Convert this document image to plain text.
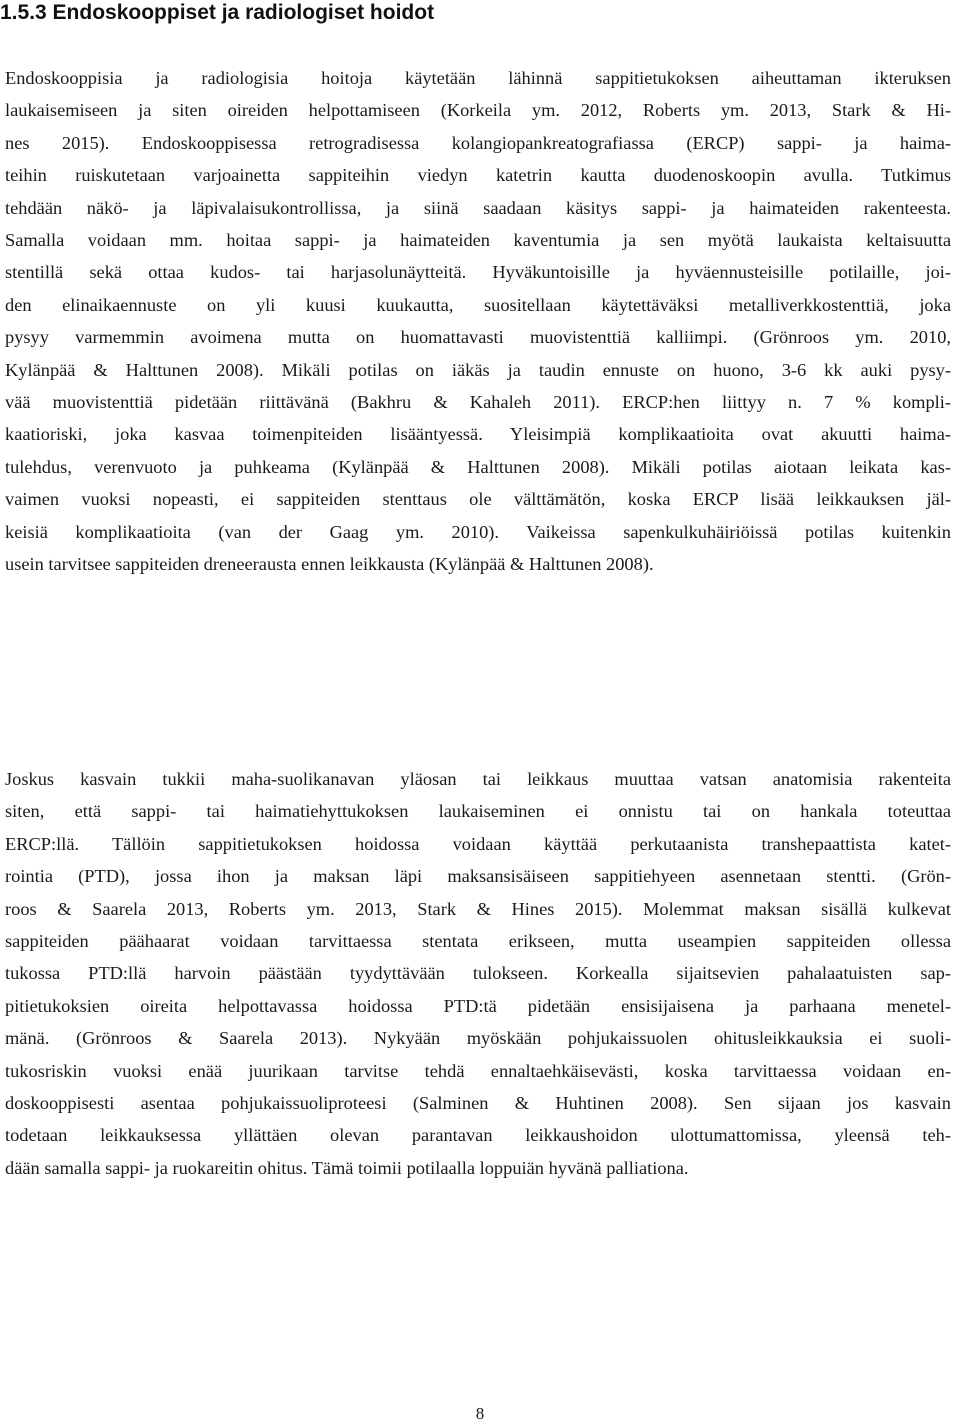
1.5.3 Endoskooppiset ja radiologiset hoidot
Endoskooppisia ja radiologisia hoitoja käytetään lähinnä sappitietukoksen aiheuttaman ikteruksen
laukaisemiseen ja siten oireiden helpottamiseen (Korkeila ym. 2012, Roberts ym. 2013, Stark & Hi-
nes 2015). Endoskooppisessa retrogradisessa kolangiopankreatografiassa (ERCP) sappi- ja haima-
teihin ruiskutetaan varjoainetta sappiteihin viedyn katetrin kautta duodenoskoopin avulla. Tutkimus
tehdään näkö- ja läpivalaisukontrollissa, ja siinä saadaan käsitys sappi- ja haimateiden rakenteesta.
Samalla voidaan mm. hoitaa sappi- ja haimateiden kaventumia ja sen myötä laukaista keltaisuutta
stentillä sekä ottaa kudos- tai harjasolunäytteitä. Hyväkuntoisille ja hyväennusteisille potilaille, joi-
den elinaikaennuste on yli kuusi kuukautta, suositellaan käytettäväksi metalliverkkostenttiä, joka
pysyy varmemmin avoimena mutta on huomattavasti muovistenttiä kalliimpi. (Grönroos ym. 2010,
Kylänpää & Halttunen 2008). Mikäli potilas on iäkäs ja taudin ennuste on huono, 3-6 kk auki pysy-
vää muovistenttiä pidetään riittävänä (Bakhru & Kahaleh 2011). ERCP:hen liittyy n. 7 % kompli-
kaatioriski, joka kasvaa toimenpiteiden lisääntyessä. Yleisimpiä komplikaatioita ovat akuutti haima-
tulehdus, verenvuoto ja puhkeama (Kylänpää & Halttunen 2008). Mikäli potilas aiotaan leikata kas-
vaimen vuoksi nopeasti, ei sappiteiden stenttaus ole välttämätön, koska ERCP lisää leikkauksen jäl-
keisiä komplikaatioita (van der Gaag ym. 2010). Vaikeissa sapenkulkuhäiriöissä potilas kuitenkin
usein tarvitsee sappiteiden dreneerausta ennen leikkausta (Kylänpää & Halttunen 2008).
Joskus kasvain tukkii maha-suolikanavan yläosan tai leikkaus muuttaa vatsan anatomisia rakenteita
siten, että sappi- tai haimatiehyttukoksen laukaiseminen ei onnistu tai on hankala toteuttaa
ERCP:llä. Tällöin sappitietukoksen hoidossa voidaan käyttää perkutaanista transhepaattista katet-
rointia (PTD), jossa ihon ja maksan läpi maksansisäiseen sappitiehyeen asennetaan stentti. (Grön-
roos & Saarela 2013, Roberts ym. 2013, Stark & Hines 2015). Molemmat maksan sisällä kulkevat
sappiteiden päähaarat voidaan tarvittaessa stentata erikseen, mutta useampien sappiteiden ollessa
tukossa PTD:llä harvoin päästään tyydyttävään tulokseen. Korkealla sijaitsevien pahalaatuisten sap-
pitietukoksien oireita helpottavassa hoidossa PTD:tä pidetään ensisijaisena ja parhaana menetel-
mänä. (Grönroos & Saarela 2013). Nykyään myöskään pohjukaissuolen ohitusleikkauksia ei suoli-
tukosriskin vuoksi enää juurikaan tarvitse tehdä ennaltaehkäisevästi, koska tarvittaessa voidaan en-
doskooppisesti asentaa pohjukaissuoliproteesi (Salminen & Huhtinen 2008). Sen sijaan jos kasvain
todetaan leikkauksessa yllättäen olevan parantavan leikkaushoidon ulottumattomissa, yleensä teh-
dään samalla sappi- ja ruokareitin ohitus. Tämä toimii potilaalla loppuiän hyvänä palliationa.
8
